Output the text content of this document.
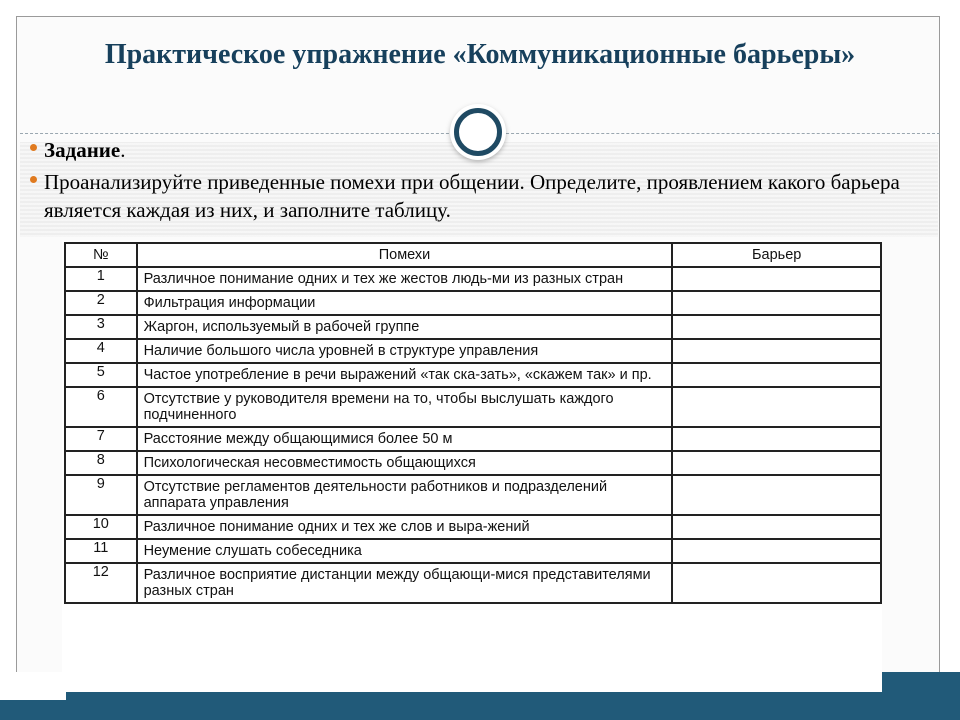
Практическое упражнение «Коммуникационные барьеры»
Задание.
Проанализируйте приведенные помехи при общении. Определите, проявлением какого барьера является каждая из них, и заполните таблицу.
№	Помехи	Барьер
1	Различное понимание одних и тех же жестов людь-ми из разных стран	
2	Фильтрация информации	
3	Жаргон, используемый в рабочей группе	
4	Наличие большого числа уровней в структуре управления	
5	Частое употребление в речи выражений «так ска-зать», «скажем так» и пр.	
6	Отсутствие у руководителя времени на то, чтобы выслушать каждого подчиненного	
7	Расстояние между общающимися более 50 м	
8	Психологическая несовместимость общающихся	
9	Отсутствие регламентов деятельности работников и подразделений аппарата управления	
10	Различное понимание одних и тех же слов и выра-жений	
11	Неумение слушать собеседника	
12	Различное восприятие дистанции между общающи-мися представителями разных стран	
